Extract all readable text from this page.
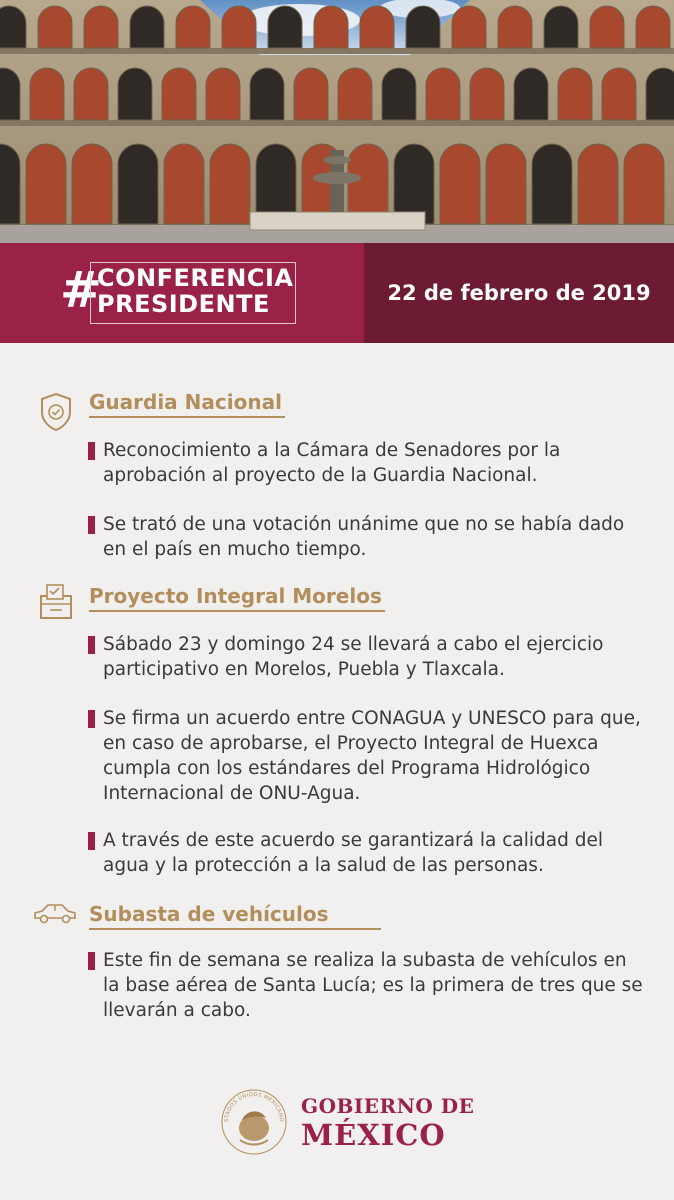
#
CONFERENCIA
PRESIDENTE	22 de febrero de 2019
Guardia Nacional
Reconocimiento a la Cámara de Senadores por la aprobación al proyecto de la Guardia Nacional.
Se trató de una votación unánime que no se había dado en el país en mucho tiempo.
Proyecto Integral Morelos
Sábado 23 y domingo 24 se llevará a cabo el ejercicio participativo en Morelos, Puebla y Tlaxcala.
Se firma un acuerdo entre CONAGUA y UNESCO para que, en caso de aprobarse, el Proyecto Integral de Huexca cumpla con los estándares del Programa Hidrológico Internacional de ONU-Agua.
A través de este acuerdo se garantizará la calidad del agua y la protección a la salud de las personas.
Subasta de vehículos
Este fin de semana se realiza la subasta de vehículos en la base aérea de Santa Lucía; es la primera de tres que se llevarán a cabo.
STADOS UNIDOS MEXICANO
GOBIERNO DE
MÉXICO
